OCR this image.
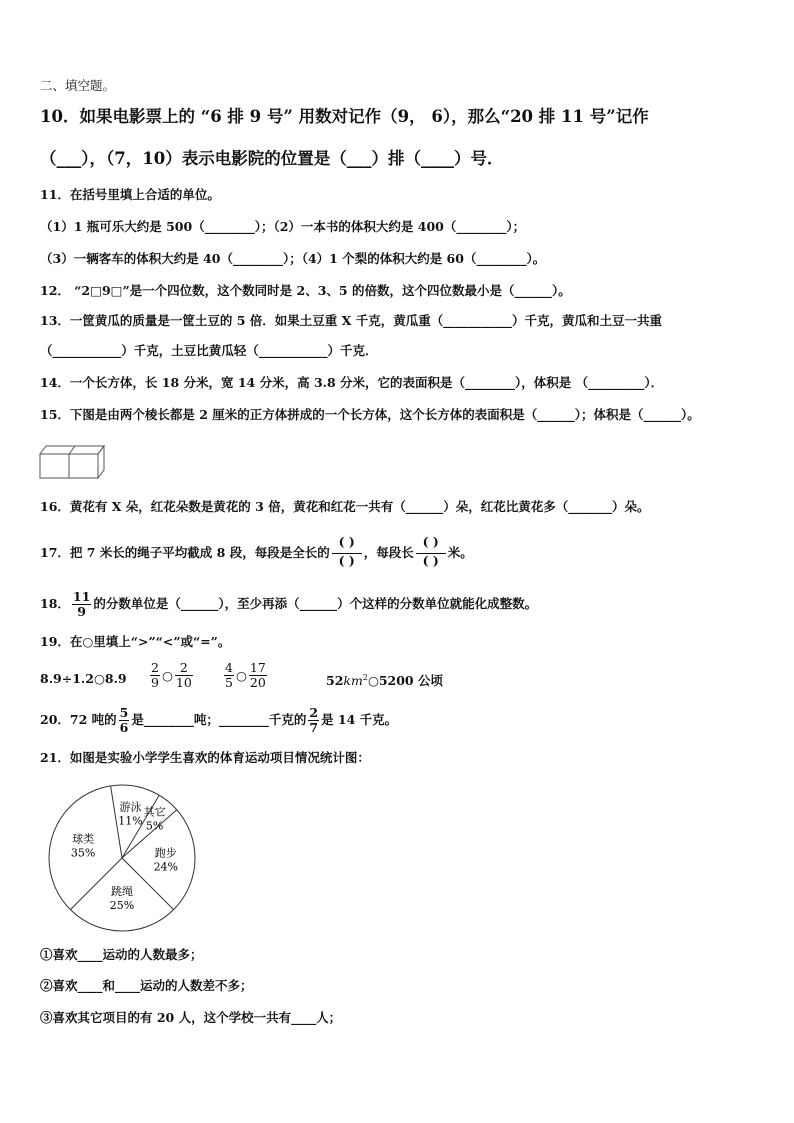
二、填空题。
10．如果电影票上的 “6 排 9 号” 用数对记作（9， 6），那么“20 排 11 号”记作
（___），（7，10）表示电影院的位置是（___）排（____）号．
11．在括号里填上合适的单位。
（1）1 瓶可乐大约是 500（________）；（2）一本书的体积大约是 400（________）；
（3）一辆客车的体积大约是 40（________）；（4）1 个梨的体积大约是 60（________）。
12． “2□9□”是一个四位数，这个数同时是 2、3、5 的倍数，这个四位数最小是（______）。
13．一筐黄瓜的质量是一筐土豆的 5 倍．如果土豆重 X 千克，黄瓜重（___________）千克，黄瓜和土豆一共重
（___________）千克，土豆比黄瓜轻（___________）千克．
14．一个长方体，长 18 分米，宽 14 分米，高 3.8 分米，它的表面积是（________），体积是 （_________）．
15．下图是由两个棱长都是 2 厘米的正方体拼成的一个长方体，这个长方体的表面积是（______）；体积是（______）。
16．黄花有 X 朵，红花朵数是黄花的 3 倍，黄花和红花一共有（______）朵，红花比黄花多（_______）朵。
17．把 7 米长的绳子平均截成 8 段，每段是全长的 $\frac{( )}{( )}$ ，每段长 $\frac{( )}{( )}$ 米。
18． $\frac{11}{9}$ 的分数单位是（______），至少再添（______）个这样的分数单位就能化成整数。
19．在○里填上“>”“<”或“=”。
8.9÷1.2○8.9 $\frac{2}{9}$ ○ $\frac{2}{10} \frac{4}{5}$ ○ $\frac{17}{20}$	$52km^2○5200$ 公顷
20．72 吨的 $\frac{5}{6}$ 是________吨；________千克的 $\frac{2}{7}$ 是 14 千克。
21．如图是实验小学学生喜欢的体育运动项目情况统计图：
游泳
11%
其它
5%
跑步
24%
跳绳
25%
球类
35%
①喜欢____运动的人数最多；
②喜欢____和____运动的人数差不多；
③喜欢其它项目的有 20 人，这个学校一共有____人；
